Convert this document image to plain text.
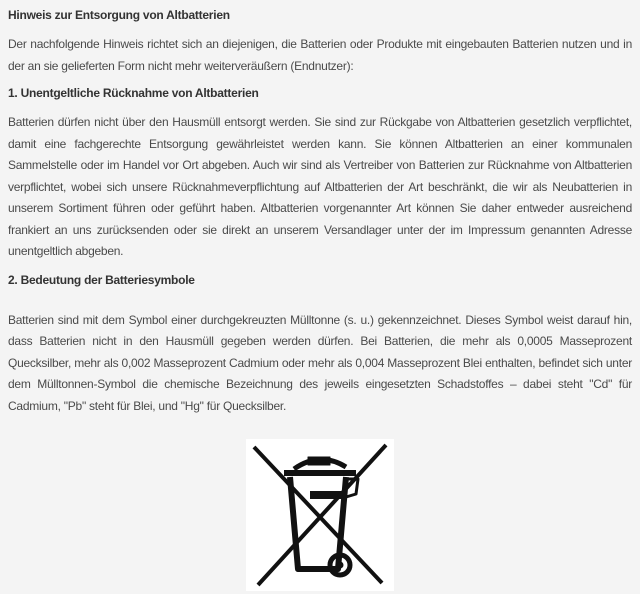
Hinweis zur Entsorgung von Altbatterien

Der nachfolgende Hinweis richtet sich an diejenigen, die Batterien oder Produkte mit eingebauten Batterien nutzen und in der an sie gelieferten Form nicht mehr weiterveräußern (Endnutzer):

1. Unentgeltliche Rücknahme von Altbatterien

Batterien dürfen nicht über den Hausmüll entsorgt werden. Sie sind zur Rückgabe von Altbatterien gesetzlich verpflichtet, damit eine fachgerechte Entsorgung gewährleistet werden kann. Sie können Altbatterien an einer kommunalen Sammelstelle oder im Handel vor Ort abgeben. Auch wir sind als Vertreiber von Batterien zur Rücknahme von Altbatterien verpflichtet, wobei sich unsere Rücknahmeverpflichtung auf Altbatterien der Art beschränkt, die wir als Neubatterien in unserem Sortiment führen oder geführt haben. Altbatterien vorgenannter Art können Sie daher entweder ausreichend frankiert an uns zurücksenden oder sie direkt an unserem Versandlager unter der im Impressum genannten Adresse unentgeltlich abgeben.

2. Bedeutung der Batteriesymbole

Batterien sind mit dem Symbol einer durchgekreuzten Mülltonne (s. u.) gekennzeichnet. Dieses Symbol weist darauf hin, dass Batterien nicht in den Hausmüll gegeben werden dürfen. Bei Batterien, die mehr als 0,0005 Masseprozent Quecksilber, mehr als 0,002 Masseprozent Cadmium oder mehr als 0,004 Masseprozent Blei enthalten, befindet sich unter dem Mülltonnen-Symbol die chemische Bezeichnung des jeweils eingesetzten Schadstoffes – dabei steht "Cd" für Cadmium, "Pb" steht für Blei, und "Hg" für Quecksilber.
